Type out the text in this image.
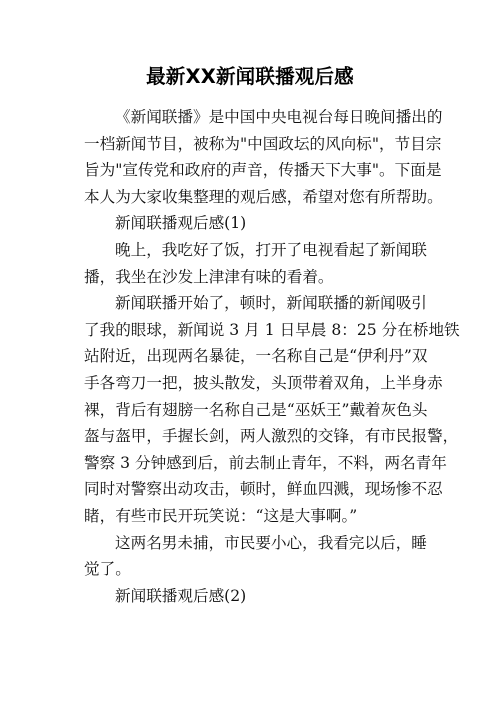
最新XX新闻联播观后感
《新闻联播》是中国中央电视台每日晚间播出的
一档新闻节目，被称为"中国政坛的风向标"，节目宗
旨为"宣传党和政府的声音，传播天下大事"。下面是
本人为大家收集整理的观后感，希望对您有所帮助。
新闻联播观后感(1)
晚上，我吃好了饭，打开了电视看起了新闻联
播，我坐在沙发上津津有味的看着。
新闻联播开始了，顿时，新闻联播的新闻吸引
了我的眼球，新闻说 3 月 1 日早晨 8：25 分在桥地铁
站附近，出现两名暴徒，一名称自己是“伊利丹”双
手各弯刀一把，披头散发，头顶带着双角，上半身赤
裸，背后有翅膀一名称自己是“巫妖王”戴着灰色头
盔与盔甲，手握长剑，两人激烈的交锋，有市民报警，
警察 3 分钟感到后，前去制止青年，不料，两名青年
同时对警察出动攻击，顿时，鲜血四溅，现场惨不忍
睹，有些市民开玩笑说：“这是大事啊。”
这两名男未捕，市民要小心，我看完以后，睡
觉了。
新闻联播观后感(2)
